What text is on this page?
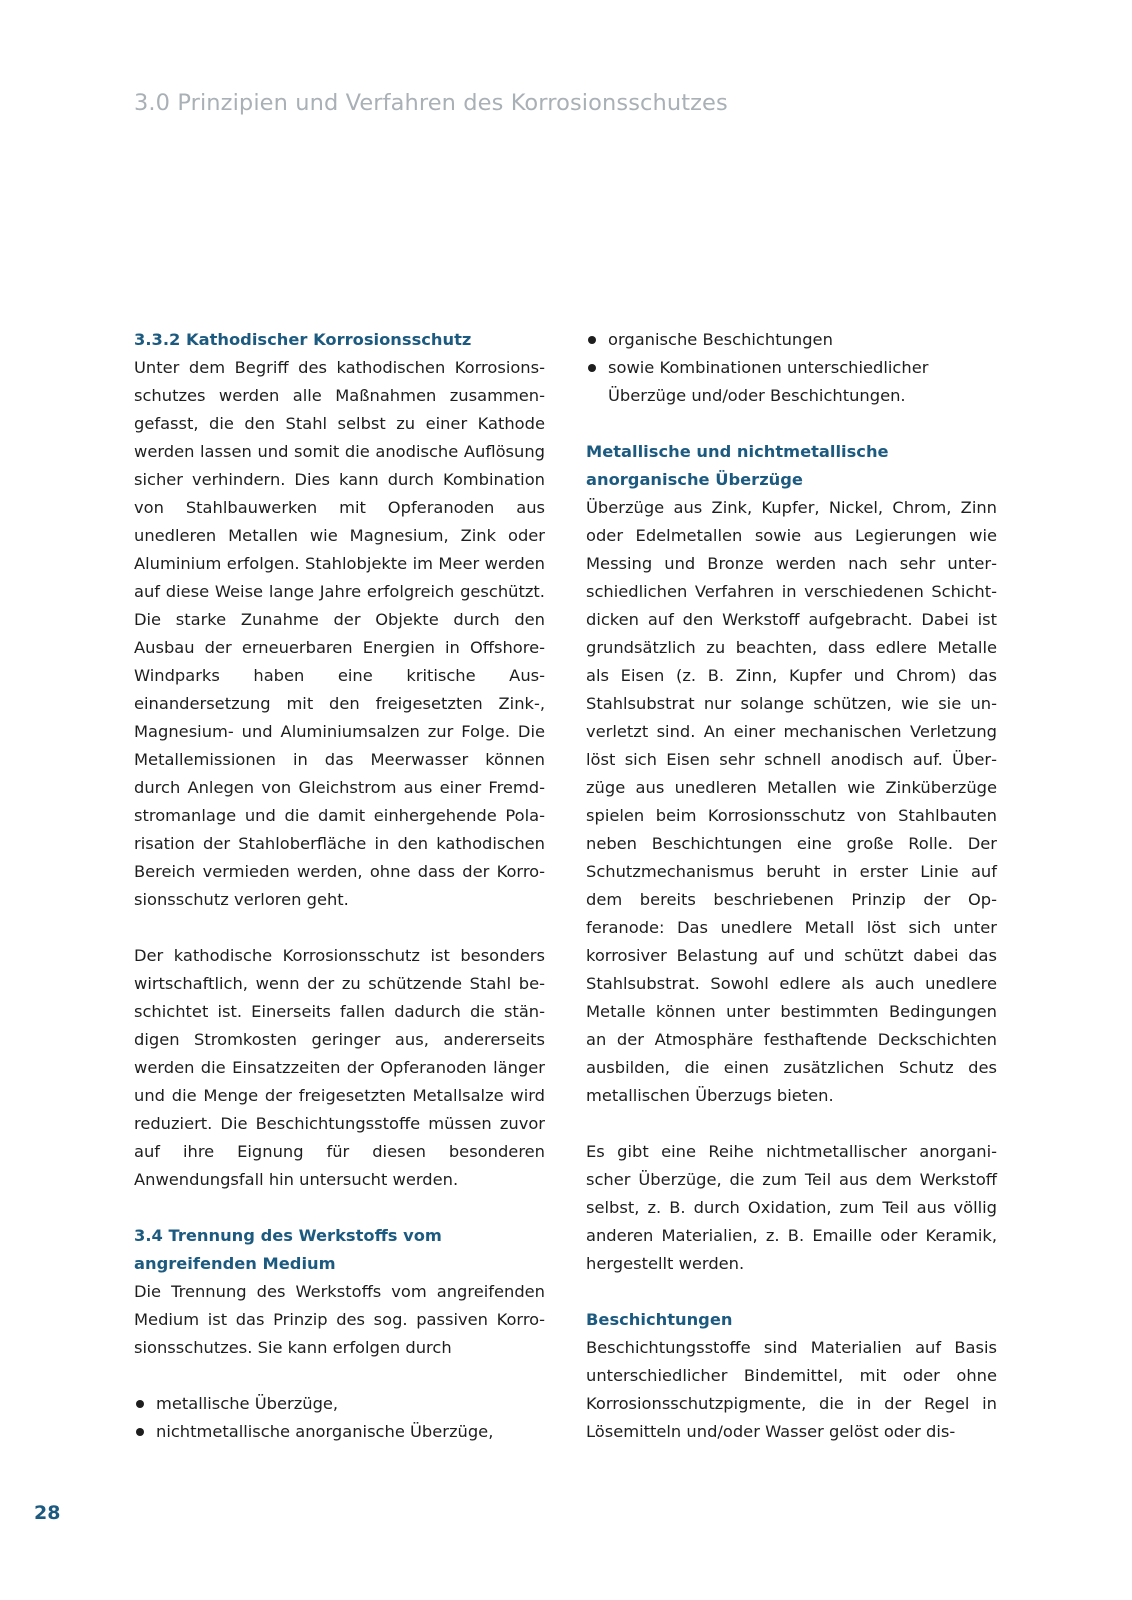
3.0 Prinzipien und Verfahren des Korrosionsschutzes
3.3.2 Kathodischer Korrosionsschutz

Unter dem Begriff des kathodischen Korrosionsschutzes werden alle Maßnahmen zusammengefasst, die den Stahl selbst zu einer Kathode werden lassen und somit die anodische Auflösung sicher verhindern. Dies kann durch Kombination von Stahlbauwerken mit Opferanoden aus unedleren Metallen wie Magnesium, Zink oder Aluminium erfolgen. Stahlobjekte im Meer werden auf diese Weise lange Jahre erfolgreich geschützt. Die starke Zunahme der Objekte durch den Ausbau der erneuerbaren Energien in Offshore-Windparks haben eine kritische Auseinandersetzung mit den freigesetzten Zink-, Magnesium- und Aluminiumsalzen zur Folge. Die Metallemissionen in das Meerwasser können durch Anlegen von Gleichstrom aus einer Fremdstromanlage und die damit einhergehende Polarisation der Stahloberfläche in den kathodischen Bereich vermieden werden, ohne dass der Korrosionsschutz verloren geht.

Der kathodische Korrosionsschutz ist besonders wirtschaftlich, wenn der zu schützende Stahl beschichtet ist. Einerseits fallen dadurch die ständigen Stromkosten geringer aus, andererseits werden die Einsatzzeiten der Opferanoden länger und die Menge der freigesetzten Metallsalze wird reduziert. Die Beschichtungsstoffe müssen zuvor auf ihre Eignung für diesen besonderen Anwendungsfall hin untersucht werden.

3.4 Trennung des Werkstoffs vom
angreifenden Medium

Die Trennung des Werkstoffs vom angreifenden Medium ist das Prinzip des sog. passiven Korrosionsschutzes. Sie kann erfolgen durch

metallische Überzüge,
nichtmetallische anorganische Überzüge,
organische Beschichtungen
sowie Kombinationen unterschiedlicher Überzüge und/oder Beschichtungen.
Metallische und nichtmetallische
anorganische Überzüge

Überzüge aus Zink, Kupfer, Nickel, Chrom, Zinn oder Edelmetallen sowie aus Legierungen wie Messing und Bronze werden nach sehr unterschiedlichen Verfahren in verschiedenen Schichtdicken auf den Werkstoff aufgebracht. Dabei ist grundsätzlich zu beachten, dass edlere Metalle als Eisen (z. B. Zinn, Kupfer und Chrom) das Stahlsubstrat nur solange schützen, wie sie unverletzt sind. An einer mechanischen Verletzung löst sich Eisen sehr schnell anodisch auf. Überzüge aus unedleren Metallen wie Zinküberzüge spielen beim Korrosionsschutz von Stahlbauten neben Beschichtungen eine große Rolle. Der Schutzmechanismus beruht in erster Linie auf dem bereits beschriebenen Prinzip der Opferanode: Das unedlere Metall löst sich unter korrosiver Belastung auf und schützt dabei das Stahlsubstrat. Sowohl edlere als auch unedlere Metalle können unter bestimmten Bedingungen an der Atmosphäre festhaftende Deckschichten ausbilden, die einen zusätzlichen Schutz des metallischen Überzugs bieten.

Es gibt eine Reihe nichtmetallischer anorganischer Überzüge, die zum Teil aus dem Werkstoff selbst, z. B. durch Oxidation, zum Teil aus völlig anderen Materialien, z. B. Emaille oder Keramik, hergestellt werden.

Beschichtungen

Beschichtungsstoffe sind Materialien auf Basis unterschiedlicher Bindemittel, mit oder ohne Korrosionsschutzpigmente, die in der Regel in Lösemitteln und/oder Wasser gelöst oder dis-

28
